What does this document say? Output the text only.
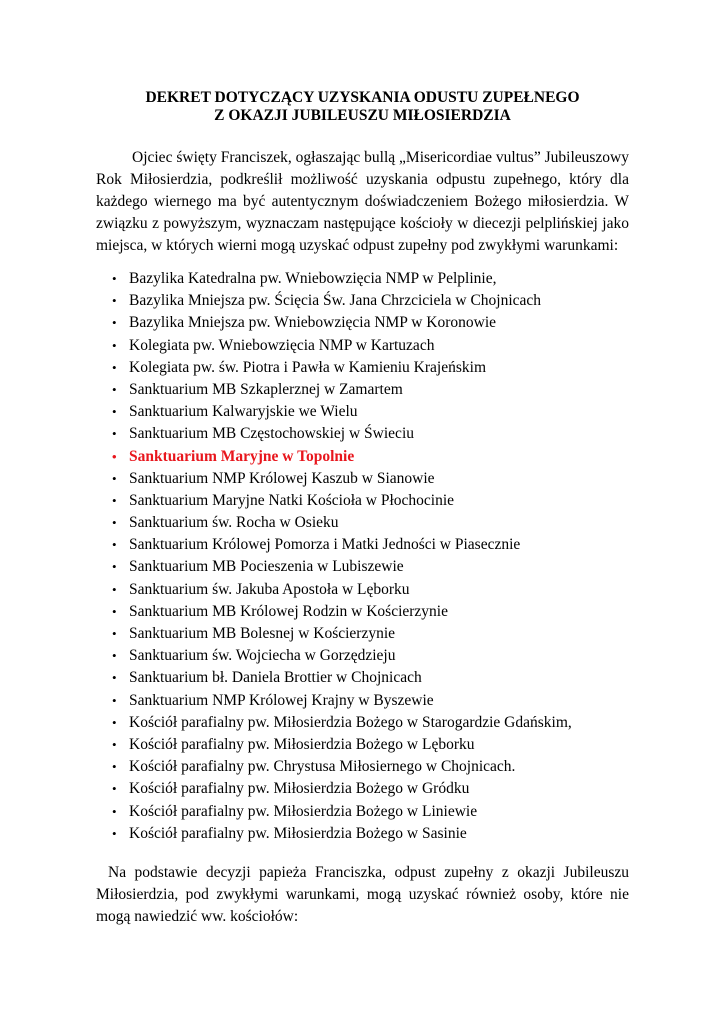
DEKRET DOTYCZĄCY UZYSKANIA ODUSTU ZUPEŁNEGO

Z OKAZJI JUBILEUSZU MIŁOSIERDZIA

Ojciec święty Franciszek, ogłaszając bullą „Misericordiae vultus” Jubileuszowy Rok Miłosierdzia, podkreślił możliwość uzyskania odpustu zupełnego, który dla każdego wiernego ma być autentycznym doświadczeniem Bożego miłosierdzia. W związku z powyższym, wyznaczam następujące kościoły w diecezji pelplińskiej jako miejsca, w których wierni mogą uzyskać odpust zupełny pod zwykłymi warunkami:

• Bazylika Katedralna pw. Wniebowzięcia NMP w Pelplinie,
• Bazylika Mniejsza pw. Ścięcia Św. Jana Chrzciciela w Chojnicach
• Bazylika Mniejsza pw. Wniebowzięcia NMP w Koronowie
• Kolegiata pw. Wniebowzięcia NMP w Kartuzach
• Kolegiata pw. św. Piotra i Pawła w Kamieniu Krajeńskim
• Sanktuarium MB Szkaplerznej w Zamartem
• Sanktuarium Kalwaryjskie we Wielu
• Sanktuarium MB Częstochowskiej w Świeciu
• Sanktuarium Maryjne w Topolnie
• Sanktuarium NMP Królowej Kaszub w Sianowie
• Sanktuarium Maryjne Natki Kościoła w Płochocinie
• Sanktuarium św. Rocha w Osieku
• Sanktuarium Królowej Pomorza i Matki Jedności w Piasecznie
• Sanktuarium MB Pocieszenia w Lubiszewie
• Sanktuarium św. Jakuba Apostoła w Lęborku
• Sanktuarium MB Królowej Rodzin w Kościerzynie
• Sanktuarium MB Bolesnej w Kościerzynie
• Sanktuarium św. Wojciecha w Gorzędzieju
• Sanktuarium bł. Daniela Brottier w Chojnicach
• Sanktuarium NMP Królowej Krajny w Byszewie
• Kościół parafialny pw. Miłosierdzia Bożego w Starogardzie Gdańskim,
• Kościół parafialny pw. Miłosierdzia Bożego w Lęborku
• Kościół parafialny pw. Chrystusa Miłosiernego w Chojnicach.
• Kościół parafialny pw. Miłosierdzia Bożego w Gródku
• Kościół parafialny pw. Miłosierdzia Bożego w Liniewie
• Kościół parafialny pw. Miłosierdzia Bożego w Sasinie

Na podstawie decyzji papieża Franciszka, odpust zupełny z okazji Jubileuszu Miłosierdzia, pod zwykłymi warunkami, mogą uzyskać również osoby, które nie mogą nawiedzić ww. kościołów:
